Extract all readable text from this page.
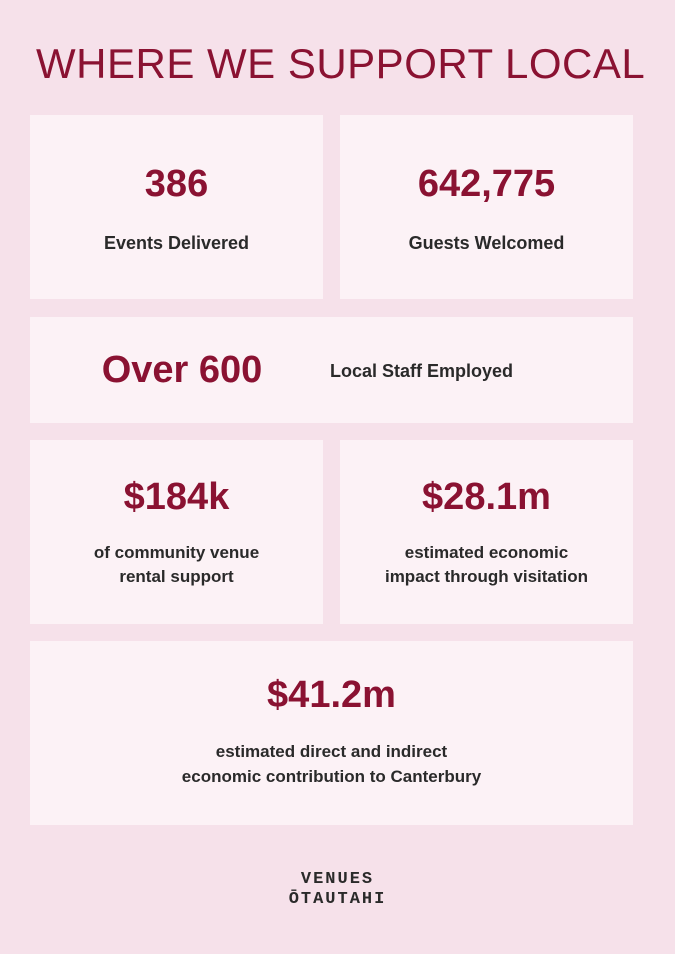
WHERE WE SUPPORT LOCAL
386
Events Delivered
642,775
Guests Welcomed
Over 600	Local Staff Employed
$184k
of community venue
rental support
$28.1m
estimated economic
impact through visitation
$41.2m
estimated direct and indirect
economic contribution to Canterbury
VENUES
ŌTAUTAHI
